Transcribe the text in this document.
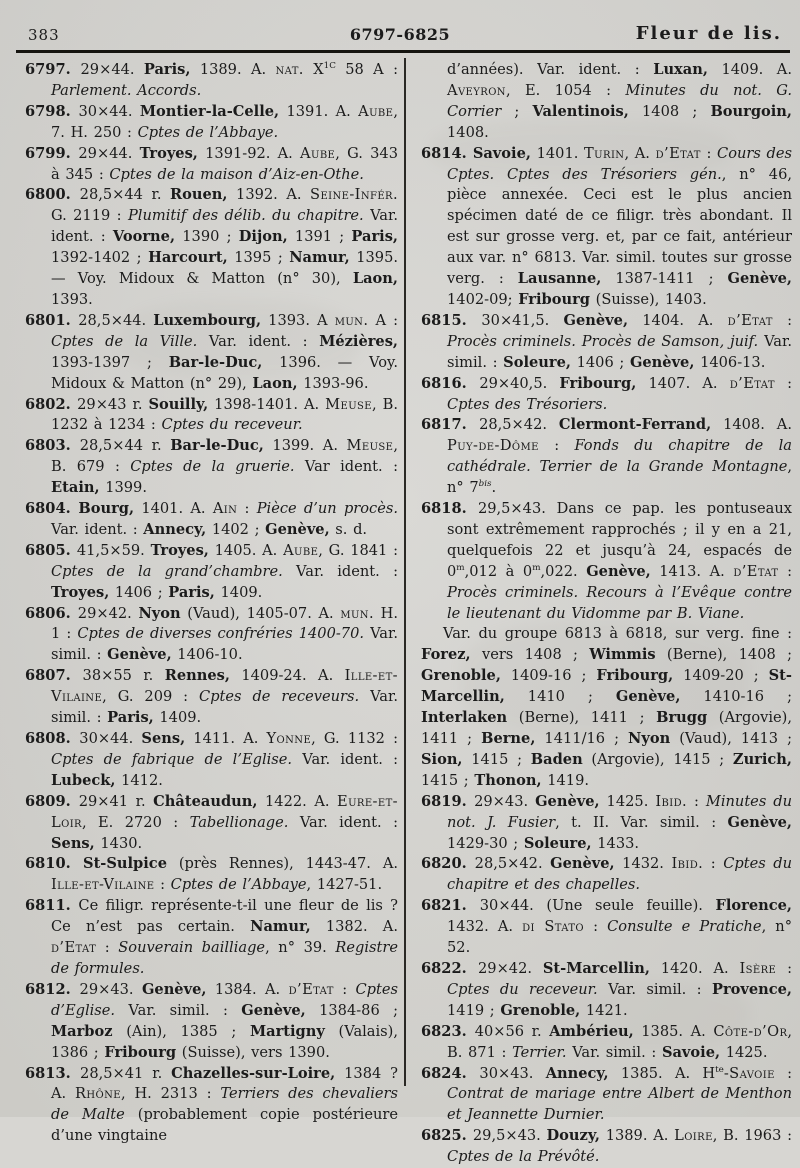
383	6797-6825	Fleur de lis.

6797. 29×44. Paris, 1389. A. nat. $X^{1C}$ 58 A : Parlement. Accords.

6798. 30×44. Montier-la-Celle, 1391. A. Aube, 7. H. 250 : Cptes de l’Abbaye.

6799. 29×44. Troyes, 1391-92. A. Aube, G. 343 à 345 : Cptes de la maison d’Aiz-en-Othe.

6800. 28,5×44 r. Rouen, 1392. A. Seine-Infér. G. 2119 : Plumitif des délib. du chapitre. Var. ident. : Voorne, 1390 ; Dijon, 1391 ; Paris, 1392-1402 ; Harcourt, 1395 ; Namur, 1395. — Voy. Midoux & Matton (n° 30), Laon, 1393.

6801. 28,5×44. Luxembourg, 1393. A mun. A : Cptes de la Ville. Var. ident. : Mézières, 1393-1397 ; Bar-le-Duc, 1396. — Voy. Midoux & Matton (n° 29), Laon, 1393-96.

6802. 29×43 r. Souilly, 1398-1401. A. Meuse, B. 1232 à 1234 : Cptes du receveur.

6803. 28,5×44 r. Bar-le-Duc, 1399. A. Meuse, B. 679 : Cptes de la gruerie. Var ident. : Etain, 1399.

6804. Bourg, 1401. A. Ain : Pièce d’un procès. Var. ident. : Annecy, 1402 ; Genève, s. d.

6805. 41,5×59. Troyes, 1405. A. Aube, G. 1841 : Cptes de la grand’chambre. Var. ident. : Troyes, 1406 ; Paris, 1409.

6806. 29×42. Nyon (Vaud), 1405-07. A. mun. H. 1 : Cptes de diverses confréries 1400-70. Var. simil. : Genève, 1406-10.

6807. 38×55 r. Rennes, 1409-24. A. Ille-et-Vilaine, G. 209 : Cptes de receveurs. Var. simil. : Paris, 1409.

6808. 30×44. Sens, 1411. A. Yonne, G. 1132 : Cptes de fabrique de l’Eglise. Var. ident. : Lubeck, 1412.

6809. 29×41 r. Châteaudun, 1422. A. Eure-et-Loir, E. 2720 : Tabellionage. Var. ident. : Sens, 1430.

6810. St-Sulpice (près Rennes), 1443-47. A. Ille-et-Vilaine : Cptes de l’Abbaye, 1427-51.

6811. Ce filigr. représente-t-il une fleur de lis ? Ce n’est pas certain. Namur, 1382. A. d’Etat : Souverain bailliage, n° 39. Registre de formules.

6812. 29×43. Genève, 1384. A. d’Etat : Cptes d’Eglise. Var. simil. : Genève, 1384-86 ; Marboz (Ain), 1385 ; Martigny (Valais), 1386 ; Fribourg (Suisse), vers 1390.

6813. 28,5×41 r. Chazelles-sur-Loire, 1384 ? A. Rhône, H. 2313 : Terriers des chevaliers de Malte (probablement copie postérieure d’une vingtaine

d’années). Var. ident. : Luxan, 1409. A. Aveyron, E. 1054 : Minutes du not. G. Corrier ; Valentinois, 1408 ; Bourgoin, 1408.

6814. Savoie, 1401. Turin, A. d’Etat : Cours des Cptes. Cptes des Trésoriers gén., n° 46, pièce annexée. Ceci est le plus ancien spécimen daté de ce filigr. très abondant. Il est sur grosse verg. et, par ce fait, antérieur aux var. n° 6813. Var. simil. toutes sur grosse verg. : Lausanne, 1387-1411 ; Genève, 1402-09; Fribourg (Suisse), 1403.

6815. 30×41,5. Genève, 1404. A. d’Etat : Procès criminels. Procès de Samson, juif. Var. simil. : Soleure, 1406 ; Genève, 1406-13.

6816. 29×40,5. Fribourg, 1407. A. d’Etat : Cptes des Trésoriers.

6817. 28,5×42. Clermont-Ferrand, 1408. A. Puy-de-Dôme : Fonds du chapitre de la cathédrale. Terrier de la Grande Montagne, n° $7^{bis}$.

6818. 29,5×43. Dans ce pap. les pontuseaux sont extrêmement rapprochés ; il y en a 21, quelquefois 22 et jusqu’à 24, espacés de 0$^m$,012 à 0$^m$,022. Genève, 1413. A. d’Etat : Procès criminels. Recours à l’Evêque contre le lieutenant du Vidomme par B. Viane.

Var. du groupe 6813 à 6818, sur verg. fine : Forez, vers 1408 ; Wimmis (Berne), 1408 ; Grenoble, 1409-16 ; Fribourg, 1409-20 ; St-Marcellin, 1410 ; Genève, 1410-16 ; Interlaken (Berne), 1411 ; Brugg (Argovie), 1411 ; Berne, 1411/16 ; Nyon (Vaud), 1413 ; Sion, 1415 ; Baden (Argovie), 1415 ; Zurich, 1415 ; Thonon, 1419.

6819. 29×43. Genève, 1425. Ibid. : Minutes du not. J. Fusier, t. II. Var. simil. : Genève, 1429-30 ; Soleure, 1433.

6820. 28,5×42. Genève, 1432. Ibid. : Cptes du chapitre et des chapelles.

6821. 30×44. (Une seule feuille). Florence, 1432. A. di Stato : Consulte e Pratiche, n° 52.

6822. 29×42. St-Marcellin, 1420. A. Isère : Cptes du receveur. Var. simil. : Provence, 1419 ; Grenoble, 1421.

6823. 40×56 r. Ambérieu, 1385. A. Côte-d’Or, B. 871 : Terrier. Var. simil. : Savoie, 1425.

6824. 30×43. Annecy, 1385. A. $H^{te}$-Savoie : Contrat de mariage entre Albert de Menthon et Jeannette Durnier.

6825. 29,5×43. Douzy, 1389. A. Loire, B. 1963 : Cptes de la Prévôté.
